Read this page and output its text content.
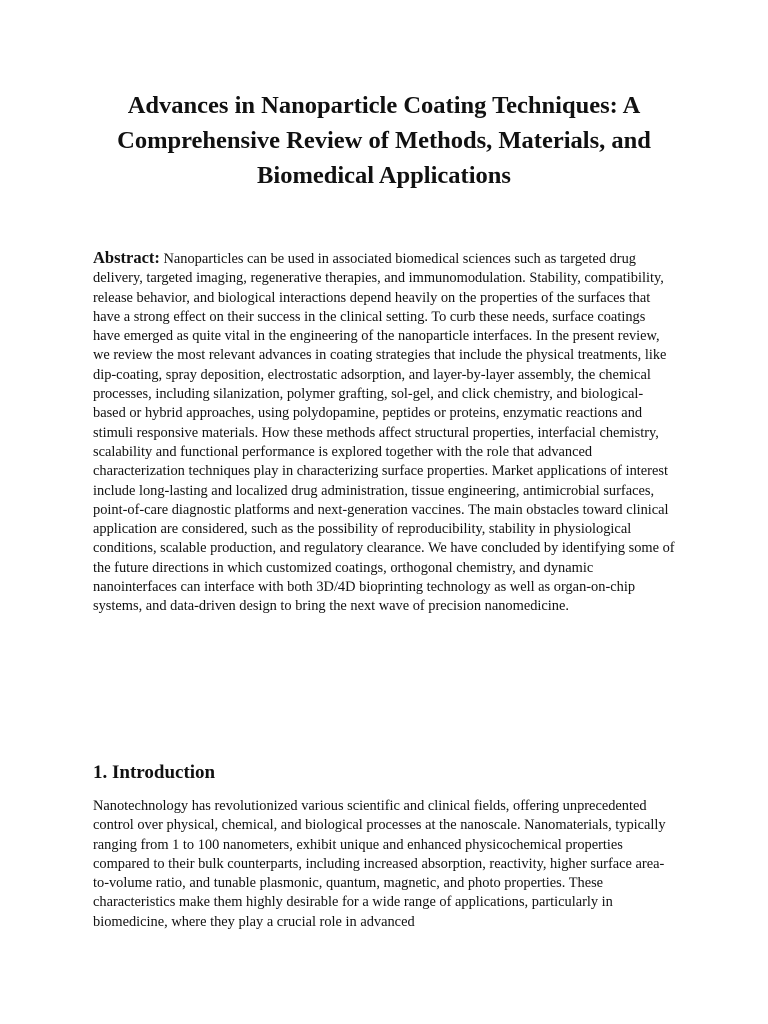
Advances in Nanoparticle Coating Techniques: A Comprehensive Review of Methods, Materials, and Biomedical Applications

Abstract: Nanoparticles can be used in associated biomedical sciences such as targeted drug delivery, targeted imaging, regenerative therapies, and immunomodulation. Stability, compatibility, release behavior, and biological interactions depend heavily on the properties of the surfaces that have a strong effect on their success in the clinical setting. To curb these needs, surface coatings have emerged as quite vital in the engineering of the nanoparticle interfaces. In the present review, we review the most relevant advances in coating strategies that include the physical treatments, like dip-coating, spray deposition, electrostatic adsorption, and layer-by-layer assembly, the chemical processes, including silanization, polymer grafting, sol-gel, and click chemistry, and biological-based or hybrid approaches, using polydopamine, peptides or proteins, enzymatic reactions and stimuli responsive materials. How these methods affect structural properties, interfacial chemistry, scalability and functional performance is explored together with the role that advanced characterization techniques play in characterizing surface properties. Market applications of interest include long-lasting and localized drug administration, tissue engineering, antimicrobial surfaces, point-of-care diagnostic platforms and next-generation vaccines. The main obstacles toward clinical application are considered, such as the possibility of reproducibility, stability in physiological conditions, scalable production, and regulatory clearance. We have concluded by identifying some of the future directions in which customized coatings, orthogonal chemistry, and dynamic nanointerfaces can interface with both 3D/4D bioprinting technology as well as organ-on-chip systems, and data-driven design to bring the next wave of precision nanomedicine.

1. Introduction

Nanotechnology has revolutionized various scientific and clinical fields, offering unprecedented control over physical, chemical, and biological processes at the nanoscale. Nanomaterials, typically ranging from 1 to 100 nanometers, exhibit unique and enhanced physicochemical properties compared to their bulk counterparts, including increased absorption, reactivity, higher surface area-to-volume ratio, and tunable plasmonic, quantum, magnetic, and photo properties. These characteristics make them highly desirable for a wide range of applications, particularly in biomedicine, where they play a crucial role in advanced
